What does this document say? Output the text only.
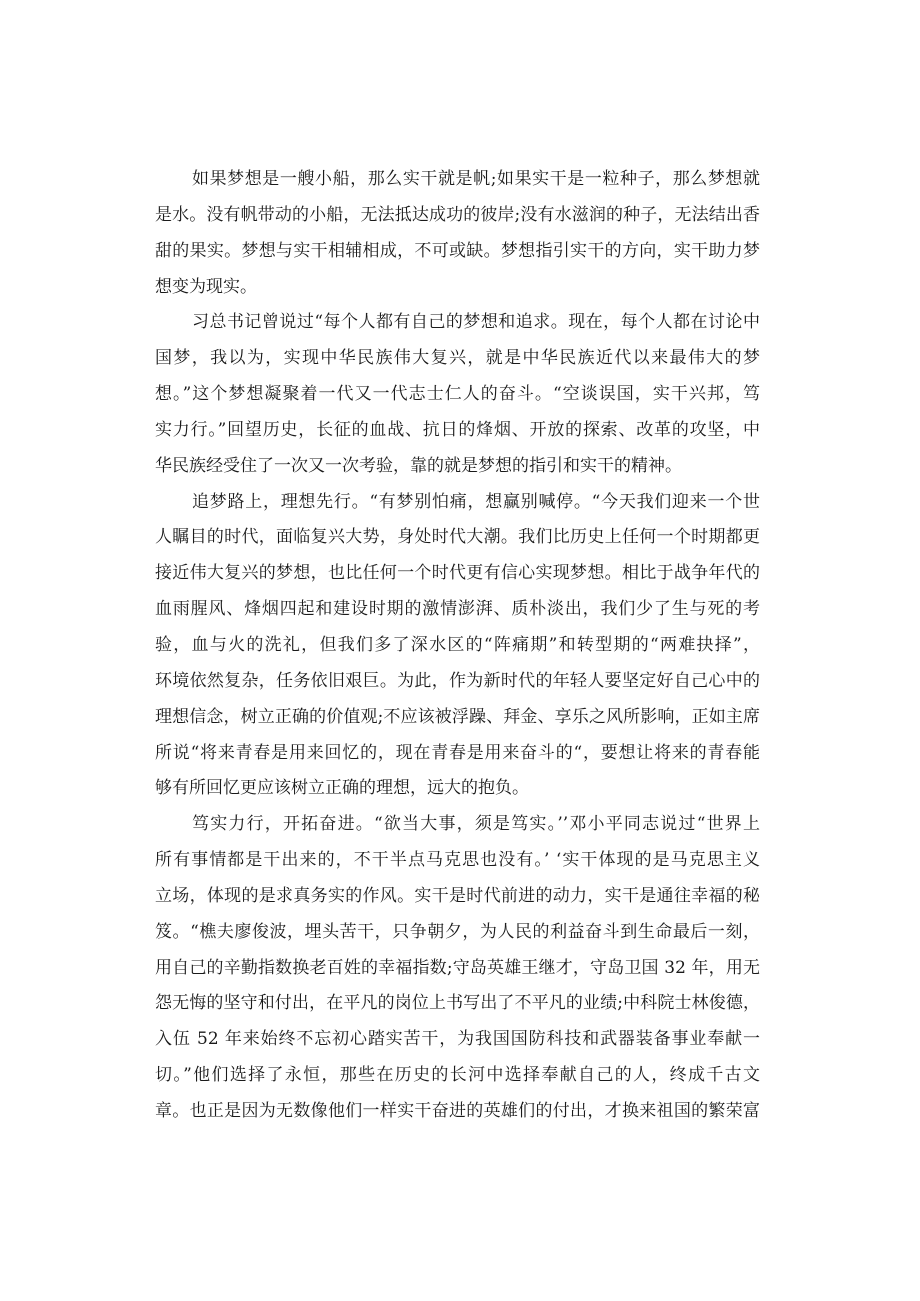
如果梦想是一艘小船，那么实干就是帆;如果实干是一粒种子，那么梦想就
是水。没有帆带动的小船，无法抵达成功的彼岸;没有水滋润的种子，无法结出香
甜的果实。梦想与实干相辅相成，不可或缺。梦想指引实干的方向，实干助力梦
想变为现实。
习总书记曾说过“每个人都有自己的梦想和追求。现在，每个人都在讨论中
国梦，我以为，实现中华民族伟大复兴，就是中华民族近代以来最伟大的梦
想。”这个梦想凝聚着一代又一代志士仁人的奋斗。“空谈误国，实干兴邦，笃
实力行。”回望历史，长征的血战、抗日的烽烟、开放的探索、改革的攻坚，中
华民族经受住了一次又一次考验，靠的就是梦想的指引和实干的精神。
追梦路上，理想先行。“有梦别怕痛，想赢别喊停。“今天我们迎来一个世
人瞩目的时代，面临复兴大势，身处时代大潮。我们比历史上任何一个时期都更
接近伟大复兴的梦想，也比任何一个时代更有信心实现梦想。相比于战争年代的
血雨腥风、烽烟四起和建设时期的激情澎湃、质朴淡出，我们少了生与死的考
验，血与火的洗礼，但我们多了深水区的“阵痛期”和转型期的“两难抉择”，
环境依然复杂，任务依旧艰巨。为此，作为新时代的年轻人要坚定好自己心中的
理想信念，树立正确的价值观;不应该被浮躁、拜金、享乐之风所影响，正如主席
所说“将来青春是用来回忆的，现在青春是用来奋斗的“，要想让将来的青春能
够有所回忆更应该树立正确的理想，远大的抱负。
笃实力行，开拓奋进。“欲当大事，须是笃实。’’邓小平同志说过“世界上
所有事情都是干出来的，不干半点马克思也没有。’ ‘实干体现的是马克思主义
立场，体现的是求真务实的作风。实干是时代前进的动力，实干是通往幸福的秘
笈。“樵夫廖俊波，埋头苦干，只争朝夕，为人民的利益奋斗到生命最后一刻，
用自己的辛勤指数换老百姓的幸福指数;守岛英雄王继才，守岛卫国 32 年，用无
怨无悔的坚守和付出，在平凡的岗位上书写出了不平凡的业绩;中科院士林俊德，
入伍 52 年来始终不忘初心踏实苦干，为我国国防科技和武器装备事业奉献一
切。”他们选择了永恒，那些在历史的长河中选择奉献自己的人，终成千古文
章。也正是因为无数像他们一样实干奋进的英雄们的付出，才换来祖国的繁荣富
